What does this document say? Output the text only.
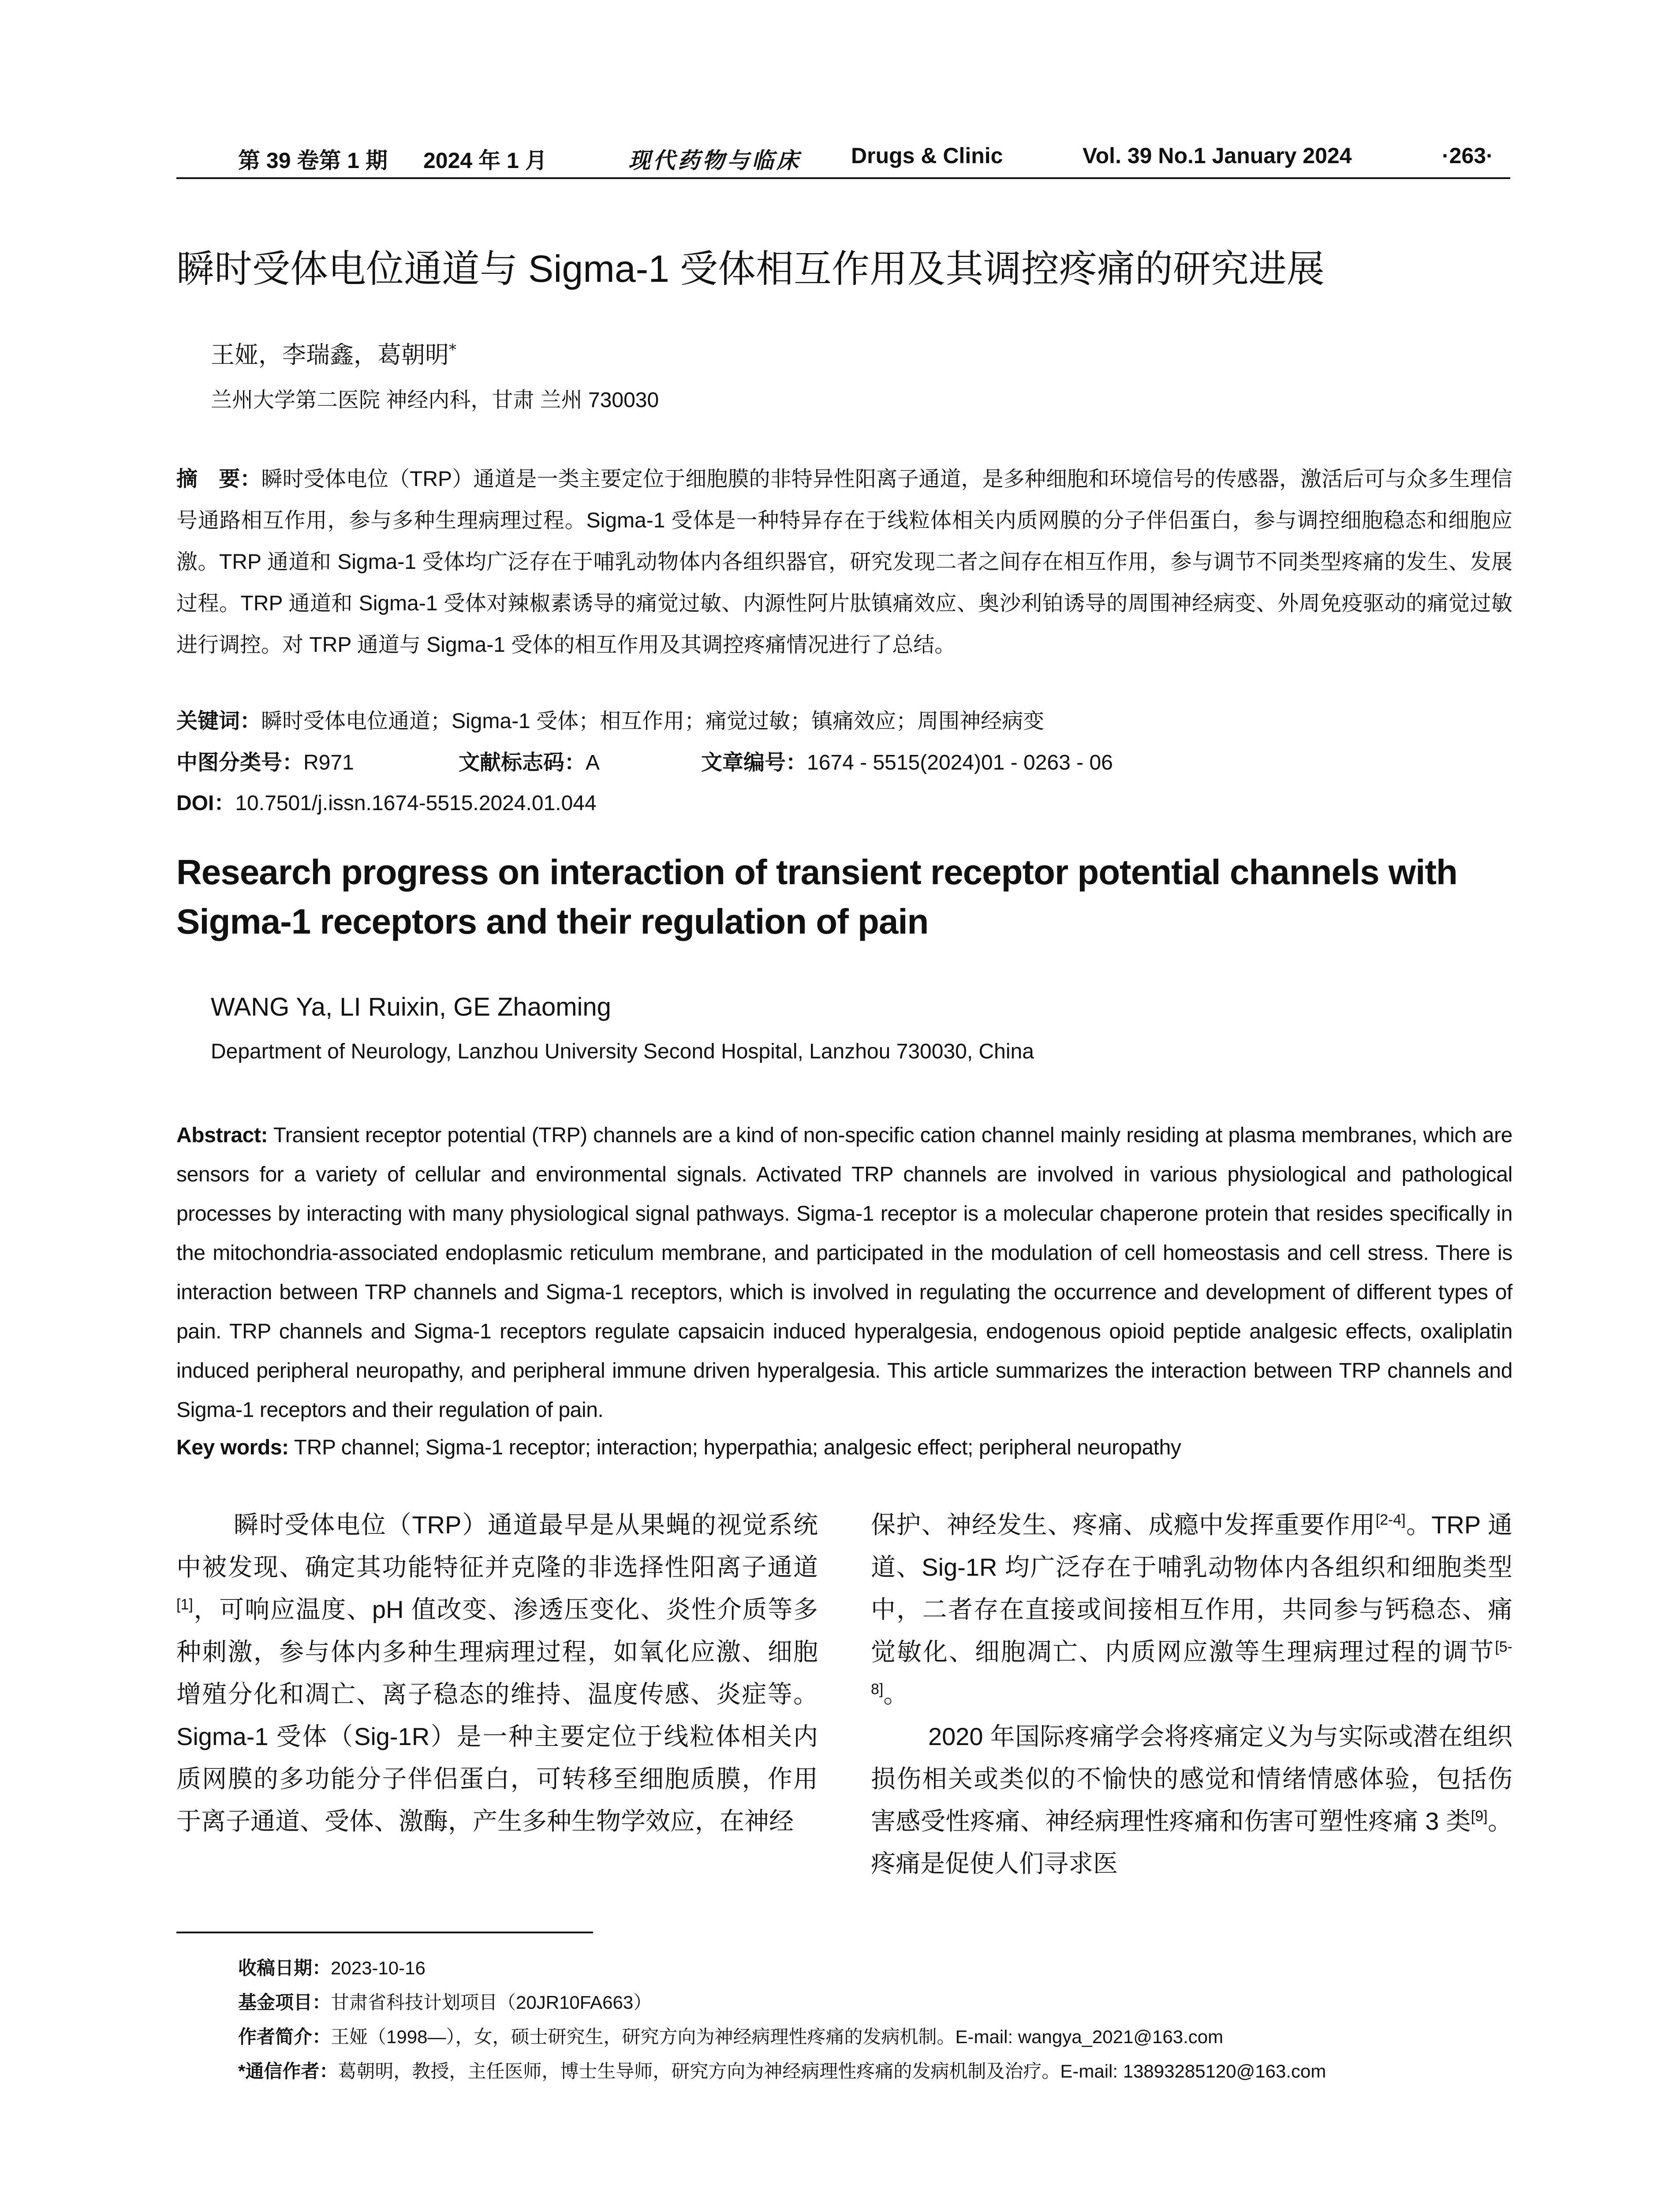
第 39 卷第 1 期 2024 年 1 月	现代药物与临床 Drugs & Clinic	Vol. 39 No.1 January 2024	·263·
瞬时受体电位通道与 Sigma-1 受体相互作用及其调控疼痛的研究进展
王娅，李瑞鑫，葛朝明*
兰州大学第二医院 神经内科，甘肃 兰州 730030
摘　要：瞬时受体电位（TRP）通道是一类主要定位于细胞膜的非特异性阳离子通道，是多种细胞和环境信号的传感器，激活后可与众多生理信号通路相互作用，参与多种生理病理过程。Sigma-1 受体是一种特异存在于线粒体相关内质网膜的分子伴侣蛋白，参与调控细胞稳态和细胞应激。TRP 通道和 Sigma-1 受体均广泛存在于哺乳动物体内各组织器官，研究发现二者之间存在相互作用，参与调节不同类型疼痛的发生、发展过程。TRP 通道和 Sigma-1 受体对辣椒素诱导的痛觉过敏、内源性阿片肽镇痛效应、奥沙利铂诱导的周围神经病变、外周免疫驱动的痛觉过敏进行调控。对 TRP 通道与 Sigma-1 受体的相互作用及其调控疼痛情况进行了总结。
关键词：瞬时受体电位通道；Sigma-1 受体；相互作用；痛觉过敏；镇痛效应；周围神经病变
中图分类号：R971	文献标志码：A	文章编号：1674 - 5515(2024)01 - 0263 - 06
DOI：10.7501/j.issn.1674-5515.2024.01.044
Research progress on interaction of transient receptor potential channels with Sigma-1 receptors and their regulation of pain
WANG Ya, LI Ruixin, GE Zhaoming
Department of Neurology, Lanzhou University Second Hospital, Lanzhou 730030, China
Abstract: Transient receptor potential (TRP) channels are a kind of non-specific cation channel mainly residing at plasma membranes, which are sensors for a variety of cellular and environmental signals. Activated TRP channels are involved in various physiological and pathological processes by interacting with many physiological signal pathways. Sigma-1 receptor is a molecular chaperone protein that resides specifically in the mitochondria-associated endoplasmic reticulum membrane, and participated in the modulation of cell homeostasis and cell stress. There is interaction between TRP channels and Sigma-1 receptors, which is involved in regulating the occurrence and development of different types of pain. TRP channels and Sigma-1 receptors regulate capsaicin induced hyperalgesia, endogenous opioid peptide analgesic effects, oxaliplatin induced peripheral neuropathy, and peripheral immune driven hyperalgesia. This article summarizes the interaction between TRP channels and Sigma-1 receptors and their regulation of pain.
Key words: TRP channel; Sigma-1 receptor; interaction; hyperpathia; analgesic effect; peripheral neuropathy

瞬时受体电位（TRP）通道最早是从果蝇的视觉系统中被发现、确定其功能特征并克隆的非选择性阳离子通道[1]，可响应温度、pH 值改变、渗透压变化、炎性介质等多种刺激，参与体内多种生理病理过程，如氧化应激、细胞增殖分化和凋亡、离子稳态的维持、温度传感、炎症等。Sigma-1 受体（Sig-1R）是一种主要定位于线粒体相关内质网膜的多功能分子伴侣蛋白，可转移至细胞质膜，作用于离子通道、受体、激酶，产生多种生物学效应，在神经

保护、神经发生、疼痛、成瘾中发挥重要作用[2-4]。TRP 通道、Sig-1R 均广泛存在于哺乳动物体内各组织和细胞类型中，二者存在直接或间接相互作用，共同参与钙稳态、痛觉敏化、细胞凋亡、内质网应激等生理病理过程的调节[5-8]。

2020 年国际疼痛学会将疼痛定义为与实际或潜在组织损伤相关或类似的不愉快的感觉和情绪情感体验，包括伤害感受性疼痛、神经病理性疼痛和伤害可塑性疼痛 3 类[9]。疼痛是促使人们寻求医

收稿日期：2023-10-16
基金项目：甘肃省科技计划项目（20JR10FA663）
作者简介：王娅（1998—），女，硕士研究生，研究方向为神经病理性疼痛的发病机制。E-mail: wangya_2021@163.com
*通信作者：葛朝明，教授，主任医师，博士生导师，研究方向为神经病理性疼痛的发病机制及治疗。E-mail: 13893285120@163.com
